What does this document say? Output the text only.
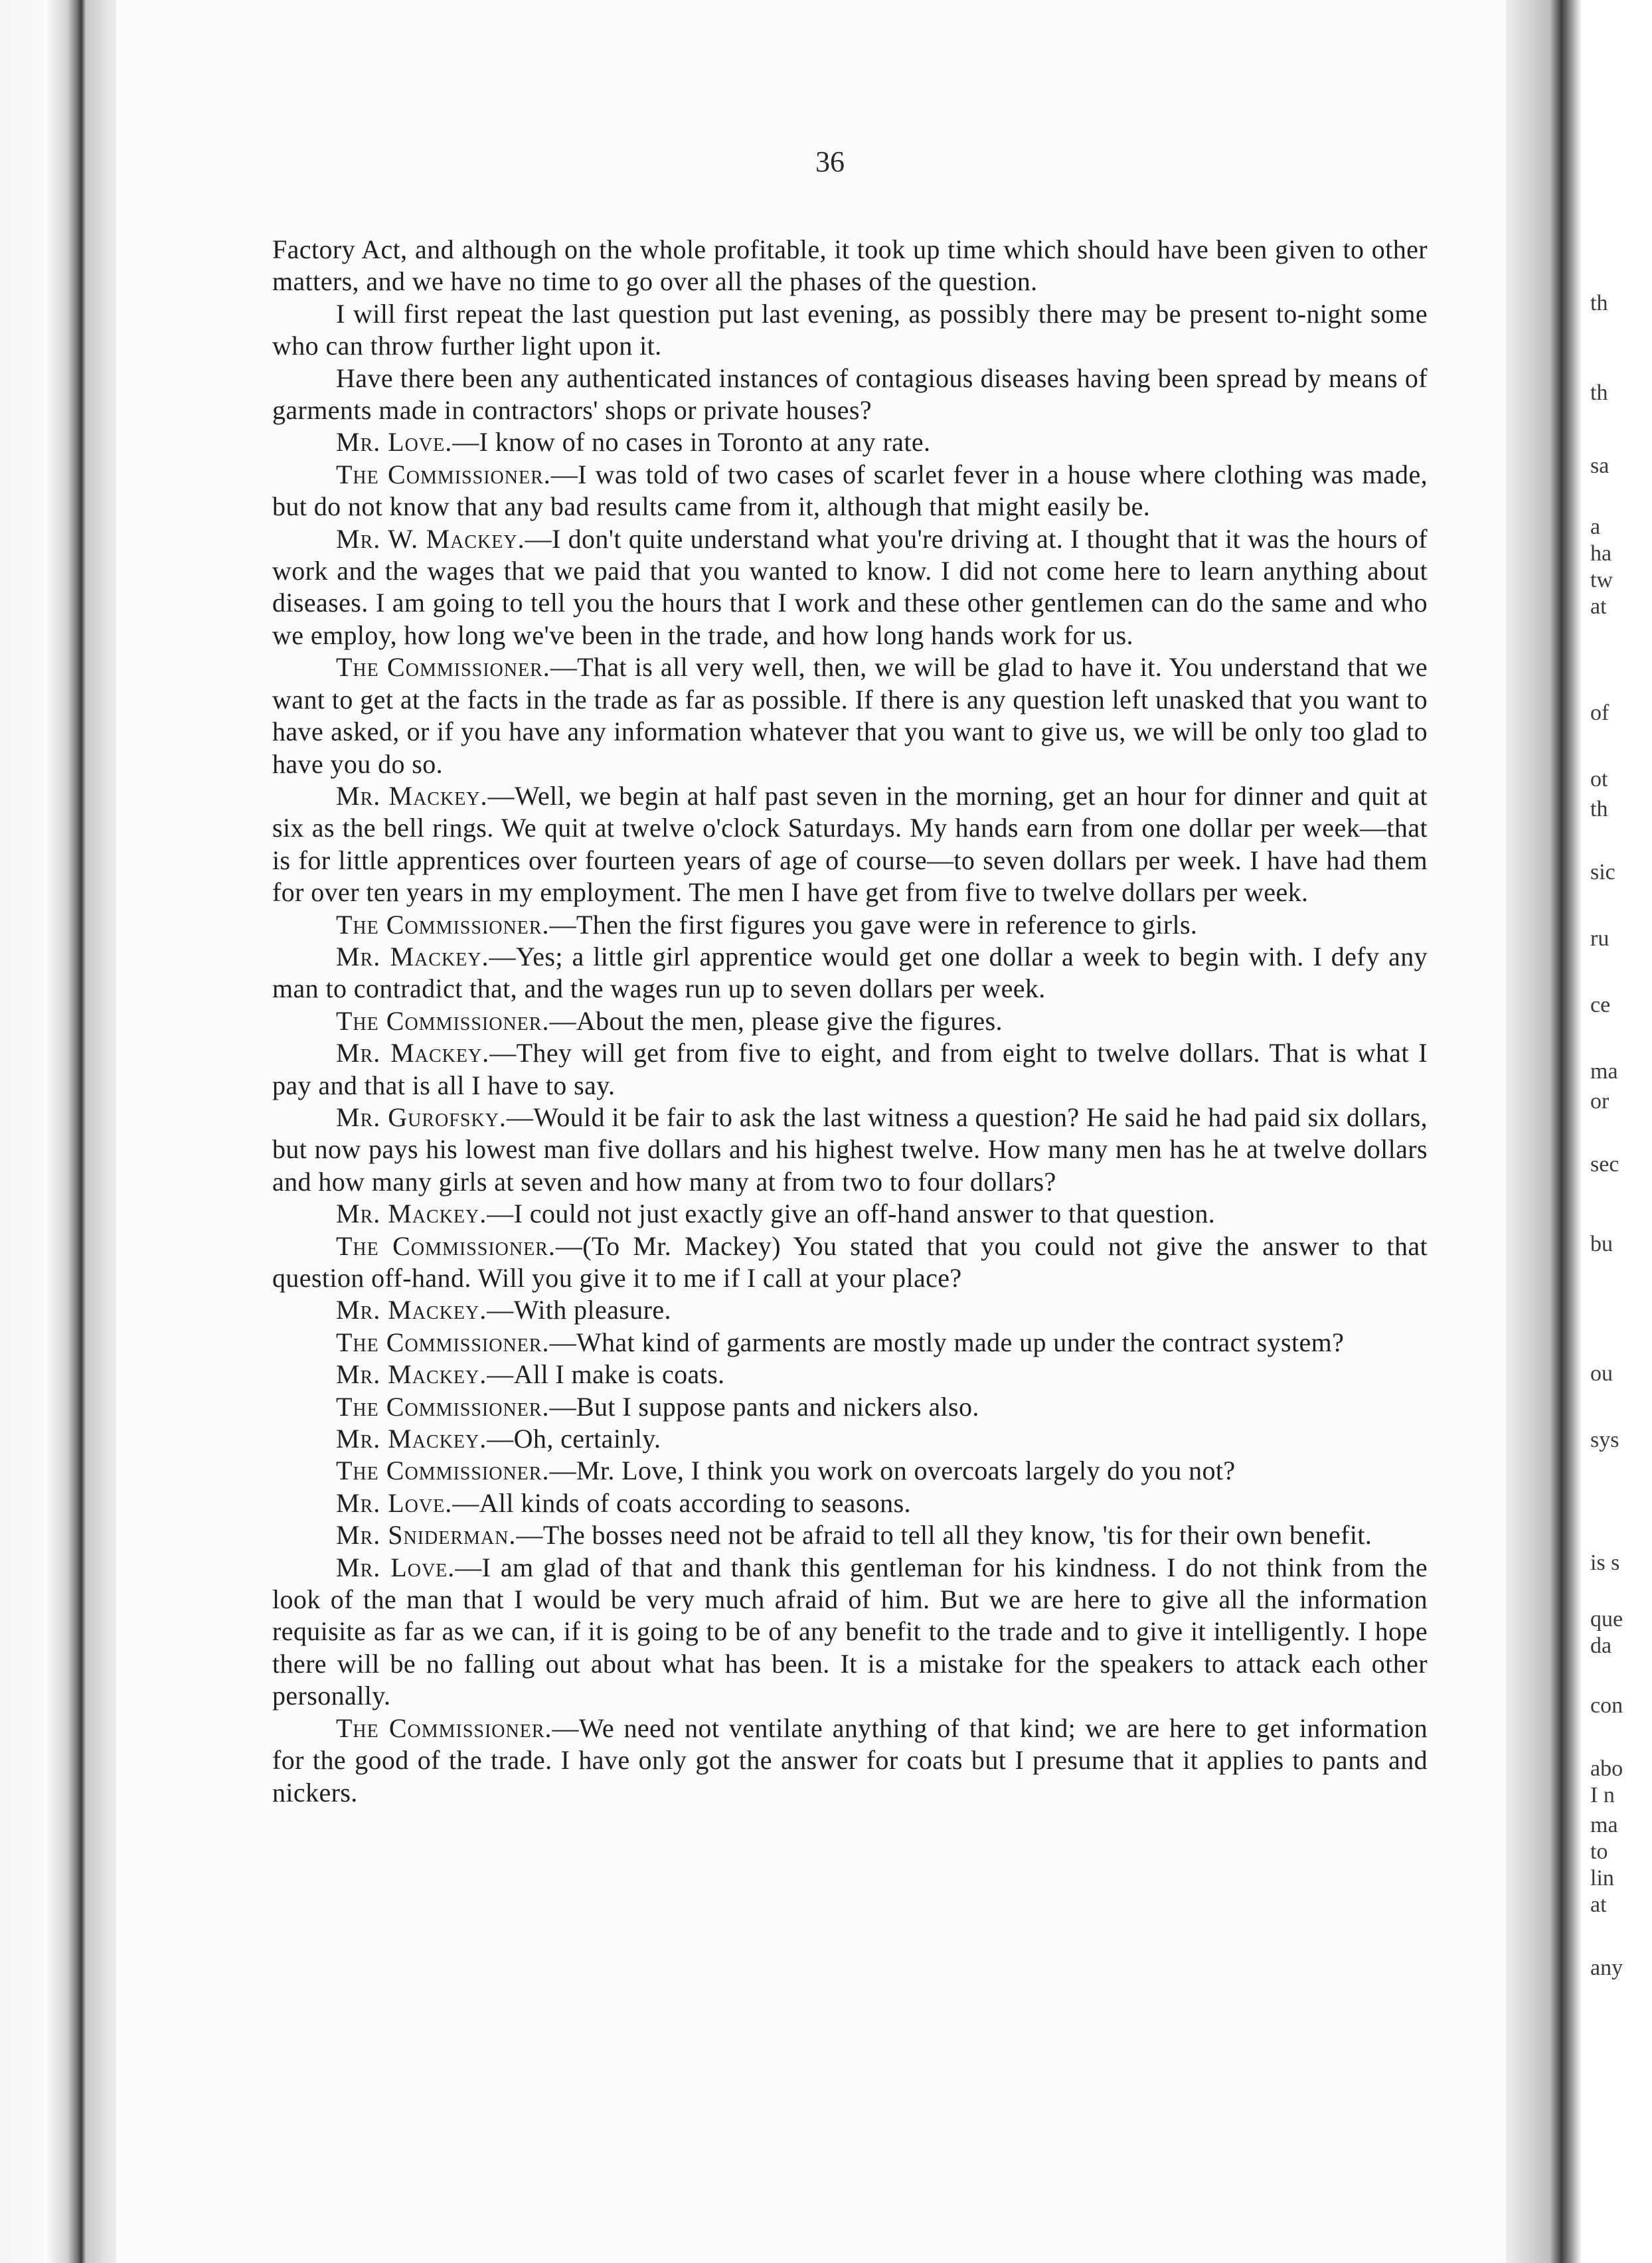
36

Factory Act, and although on the whole profitable, it took up time which should have been given to other matters, and we have no time to go over all the phases of the question.

I will first repeat the last question put last evening, as possibly there may be present to-night some who can throw further light upon it.

Have there been any authenticated instances of contagious diseases having been spread by means of garments made in contractors' shops or private houses?

Mr. Love.—I know of no cases in Toronto at any rate.

The Commissioner.—I was told of two cases of scarlet fever in a house where clothing was made, but do not know that any bad results came from it, although that might easily be.

Mr. W. Mackey.—I don't quite understand what you're driving at. I thought that it was the hours of work and the wages that we paid that you wanted to know. I did not come here to learn anything about diseases. I am going to tell you the hours that I work and these other gentlemen can do the same and who we employ, how long we've been in the trade, and how long hands work for us.

The Commissioner.—That is all very well, then, we will be glad to have it. You understand that we want to get at the facts in the trade as far as possible. If there is any question left unasked that you want to have asked, or if you have any information whatever that you want to give us, we will be only too glad to have you do so.

Mr. Mackey.—Well, we begin at half past seven in the morning, get an hour for dinner and quit at six as the bell rings. We quit at twelve o'clock Saturdays. My hands earn from one dollar per week—that is for little apprentices over fourteen years of age of course—to seven dollars per week. I have had them for over ten years in my employment. The men I have get from five to twelve dollars per week.

The Commissioner.—Then the first figures you gave were in reference to girls.

Mr. Mackey.—Yes; a little girl apprentice would get one dollar a week to begin with. I defy any man to contradict that, and the wages run up to seven dollars per week.

The Commissioner.—About the men, please give the figures.

Mr. Mackey.—They will get from five to eight, and from eight to twelve dollars. That is what I pay and that is all I have to say.

Mr. Gurofsky.—Would it be fair to ask the last witness a question? He said he had paid six dollars, but now pays his lowest man five dollars and his highest twelve. How many men has he at twelve dollars and how many girls at seven and how many at from two to four dollars?

Mr. Mackey.—I could not just exactly give an off-hand answer to that question.

The Commissioner.—(To Mr. Mackey) You stated that you could not give the answer to that question off-hand. Will you give it to me if I call at your place?

Mr. Mackey.—With pleasure.

The Commissioner.—What kind of garments are mostly made up under the contract system?

Mr. Mackey.—All I make is coats.

The Commissioner.—But I suppose pants and nickers also.

Mr. Mackey.—Oh, certainly.

The Commissioner.—Mr. Love, I think you work on overcoats largely do you not?

Mr. Love.—All kinds of coats according to seasons.

Mr. Sniderman.—The bosses need not be afraid to tell all they know, 'tis for their own benefit.

Mr. Love.—I am glad of that and thank this gentleman for his kindness. I do not think from the look of the man that I would be very much afraid of him. But we are here to give all the information requisite as far as we can, if it is going to be of any benefit to the trade and to give it intelligently. I hope there will be no falling out about what has been. It is a mistake for the speakers to attack each other personally.

The Commissioner.—We need not ventilate anything of that kind; we are here to get information for the good of the trade. I have only got the answer for coats but I presume that it applies to pants and nickers.

th
th
sa
a
ha
tw
at
of
ot
th
sic
ru
ce
ma
or
sec
bu
ou
sys
is s
que
da
con
abo
I n
ma
to
lin
at
any
